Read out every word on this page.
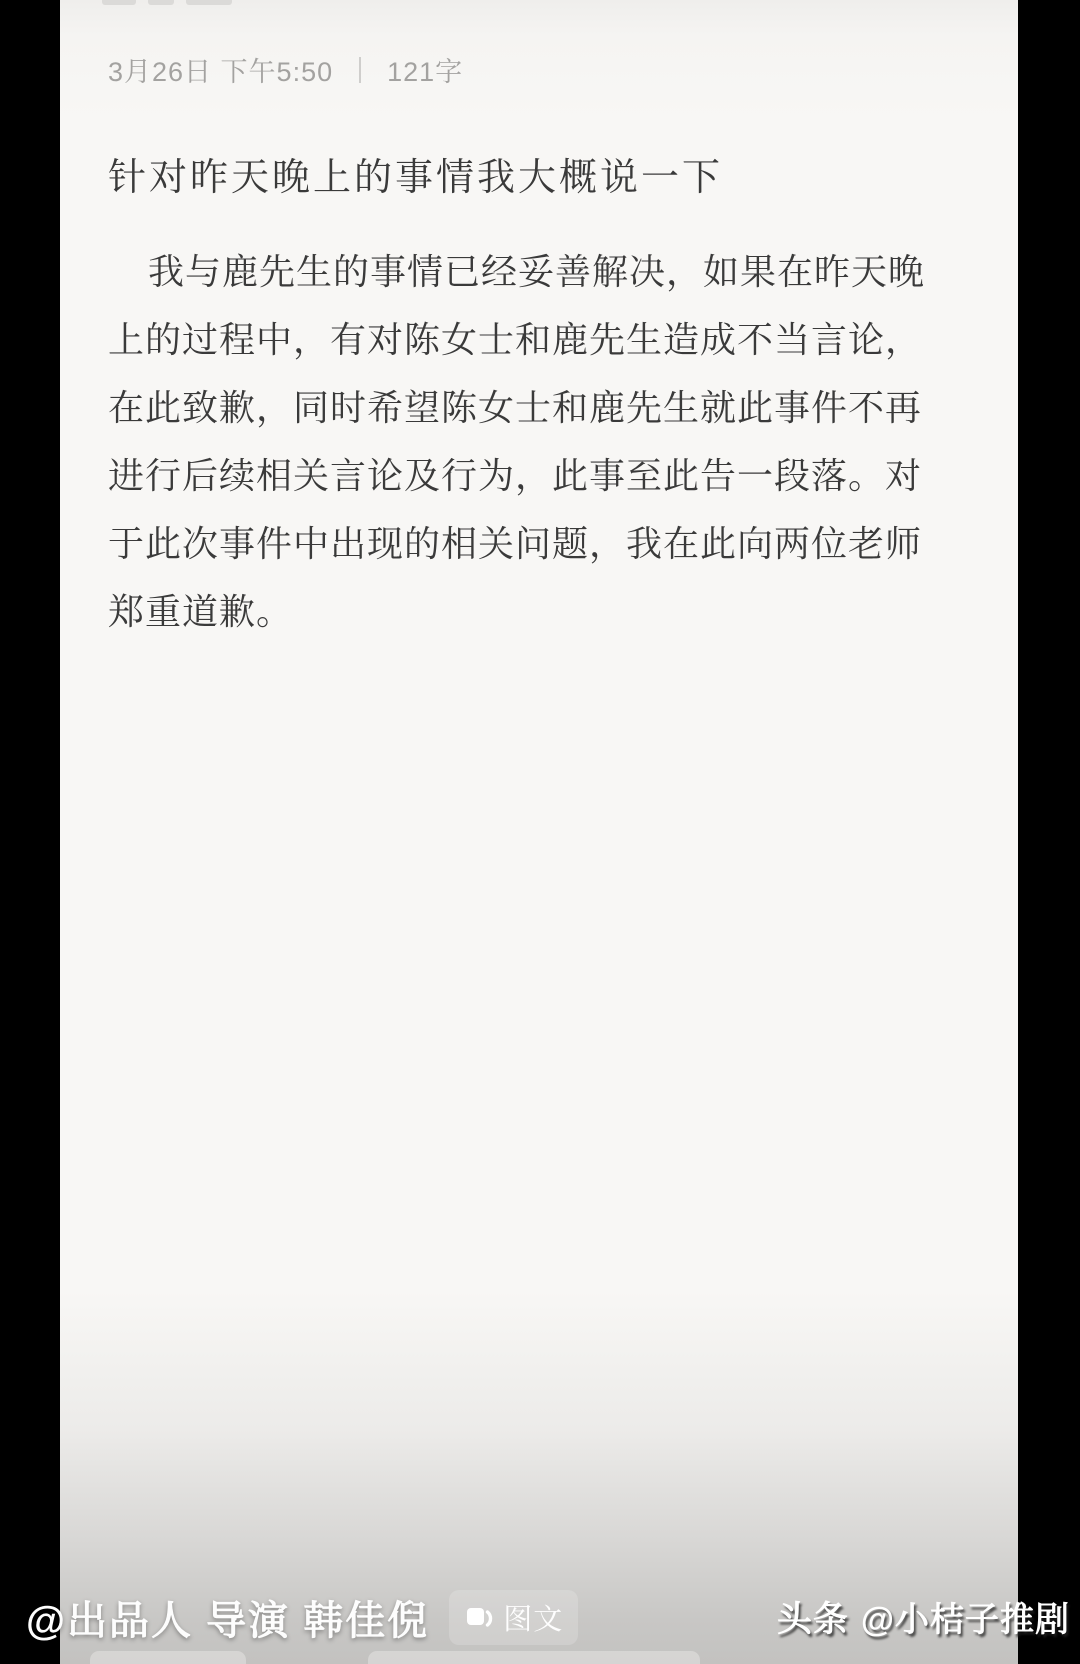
3月26日 下午5:50 121字
针对昨天晚上的事情我大概说一下
我与鹿先生的事情已经妥善解决，如果在昨天晚
上的过程中，有对陈女士和鹿先生造成不当言论，
在此致歉，同时希望陈女士和鹿先生就此事件不再
进行后续相关言论及行为，此事至此告一段落。对
于此次事件中出现的相关问题，我在此向两位老师
郑重道歉。
@出品人 导演 韩佳倪	图文	头条 @小桔子推剧
